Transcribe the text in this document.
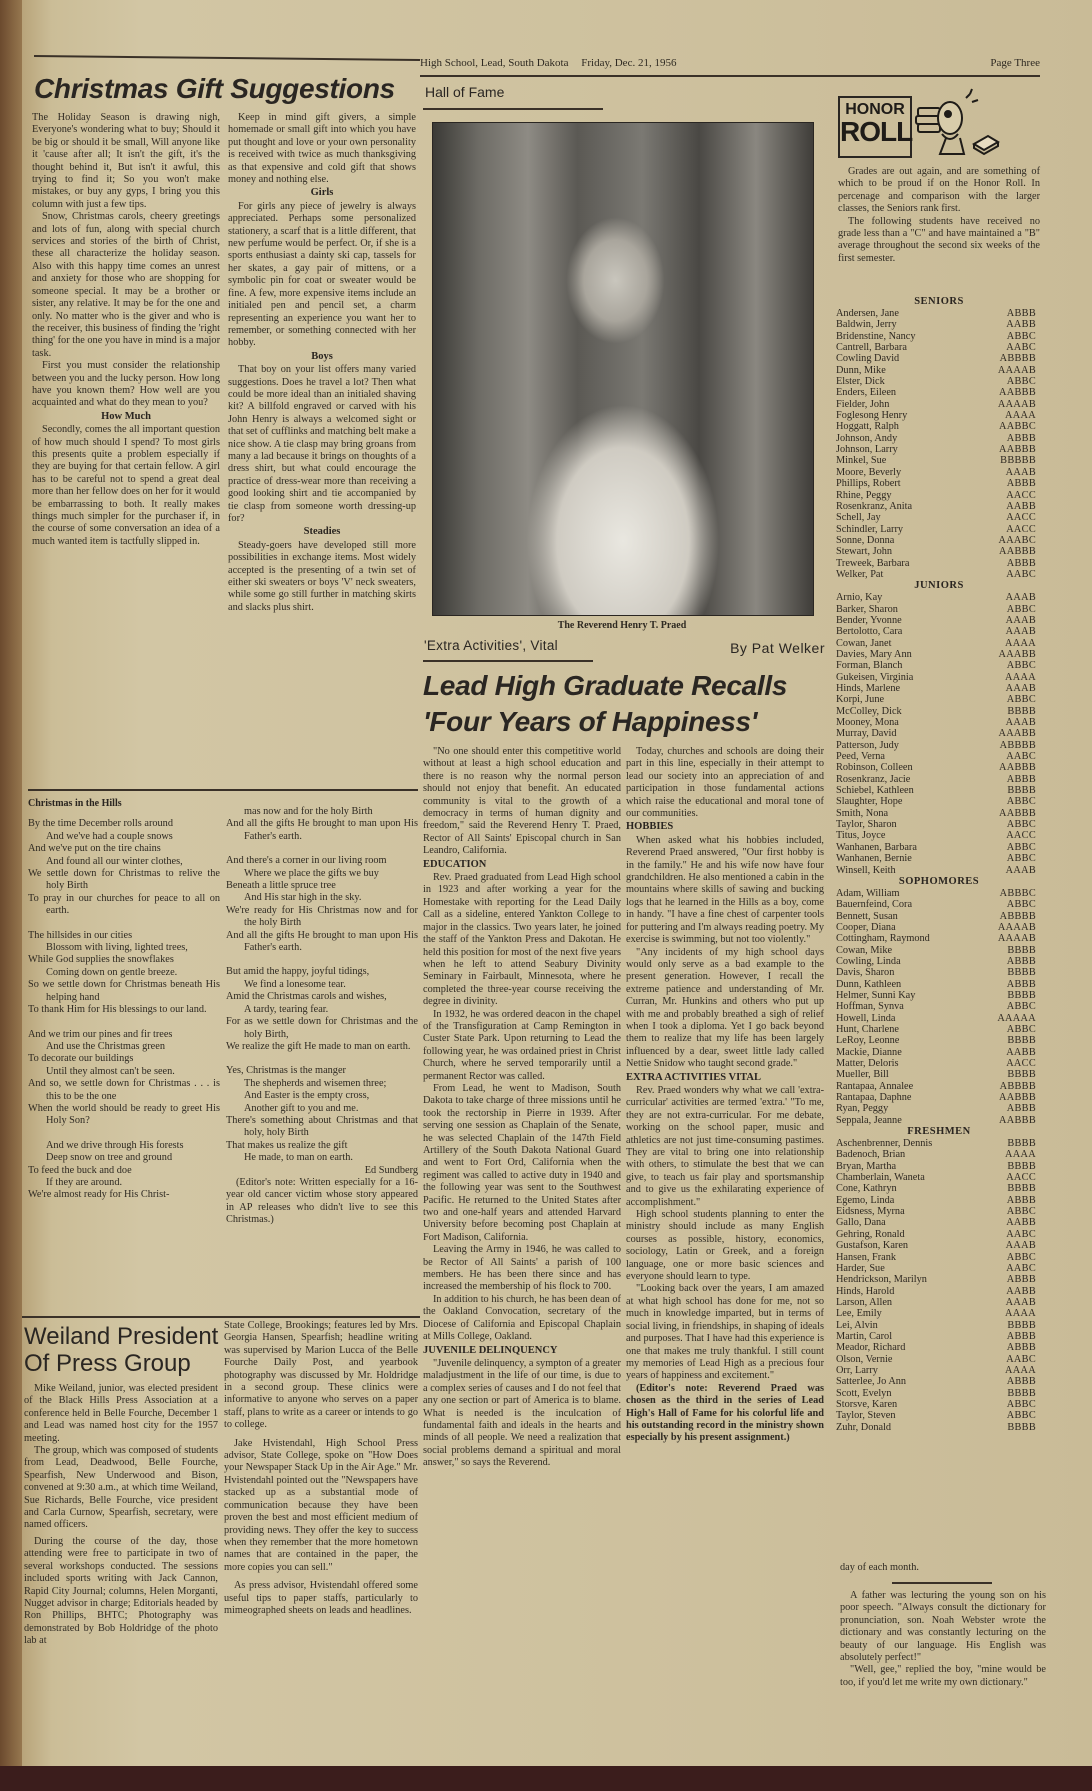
High School, Lead, South Dakota Friday, Dec. 21, 1956	Page Three
Christmas Gift Suggestions

The Holiday Season is drawing nigh, Everyone's wondering what to buy; Should it be big or should it be small, Will anyone like it 'cause after all; It isn't the gift, it's the thought behind it, But isn't it awful, this trying to find it; So you won't make mistakes, or buy any gyps, I bring you this column with just a few tips.

Snow, Christmas carols, cheery greetings and lots of fun, along with special church services and stories of the birth of Christ, these all characterize the holiday season. Also with this happy time comes an unrest and anxiety for those who are shopping for someone special. It may be a brother or sister, any relative. It may be for the one and only. No matter who is the giver and who is the receiver, this business of finding the 'right thing' for the one you have in mind is a major task.

First you must consider the relationship between you and the lucky person. How long have you known them? How well are you acquainted and what do they mean to you?

How Much

Secondly, comes the all important question of how much should I spend? To most girls this presents quite a problem especially if they are buying for that certain fellow. A girl has to be careful not to spend a great deal more than her fellow does on her for it would be embarrassing to both. It really makes things much simpler for the purchaser if, in the course of some conversation an idea of a much wanted item is tactfully slipped in.

Keep in mind gift givers, a simple homemade or small gift into which you have put thought and love or your own personality is received with twice as much thanksgiving as that expensive and cold gift that shows money and nothing else.

Girls

For girls any piece of jewelry is always appreciated. Perhaps some personalized stationery, a scarf that is a little different, that new perfume would be perfect. Or, if she is a sports enthusiast a dainty ski cap, tassels for her skates, a gay pair of mittens, or a symbolic pin for coat or sweater would be fine. A few, more expensive items include an initialed pen and pencil set, a charm representing an experience you want her to remember, or something connected with her hobby.

Boys

That boy on your list offers many varied suggestions. Does he travel a lot? Then what could be more ideal than an initialed shaving kit? A billfold engraved or carved with his John Henry is always a welcomed sight or that set of cufflinks and matching belt make a nice show. A tie clasp may bring groans from many a lad because it brings on thoughts of a dress shirt, but what could encourage the practice of dress-wear more than receiving a good looking shirt and tie accompanied by tie clasp from someone worth dressing-up for?

Steadies

Steady-goers have developed still more possibilities in exchange items. Most widely accepted is the presenting of a twin set of either ski sweaters or boys 'V' neck sweaters, while some go still further in matching skirts and slacks plus shirt.

Christmas in the Hills

By the time December rolls around

And we've had a couple snows

And we've put on the tire chains

And found all our winter clothes,

We settle down for Christmas to relive the holy Birth

To pray in our churches for peace to all on earth.

The hillsides in our cities

Blossom with living, lighted trees,

While God supplies the snowflakes

Coming down on gentle breeze.

So we settle down for Christmas beneath His helping hand

To thank Him for His blessings to our land.

And we trim our pines and fir trees

And use the Christmas green

To decorate our buildings

Until they almost can't be seen.

And so, we settle down for Christmas . . . is this to be the one

When the world should be ready to greet His Holy Son?

And we drive through His forests

Deep snow on tree and ground

To feed the buck and doe

If they are around.

We're almost ready for His Christ-

mas now and for the holy Birth

And all the gifts He brought to man upon His Father's earth.

And there's a corner in our living room

Where we place the gifts we buy

Beneath a little spruce tree

And His star high in the sky.

We're ready for His Christmas now and for the holy Birth

And all the gifts He brought to man upon His Father's earth.

But amid the happy, joyful tidings,

We find a lonesome tear.

Amid the Christmas carols and wishes,

A tardy, tearing fear.

For as we settle down for Christmas and the holy Birth,

We realize the gift He made to man on earth.

Yes, Christmas is the manger

The shepherds and wisemen three;

And Easter is the empty cross,

Another gift to you and me.

There's something about Christmas and that holy, holy Birth

That makes us realize the gift

He made, to man on earth.

Ed Sundberg

(Editor's note: Written especially for a 16-year old cancer victim whose story appeared in AP releases who didn't live to see this Christmas.)

Weiland President
Of Press Group

Mike Weiland, junior, was elected president of the Black Hills Press Association at a conference held in Belle Fourche, December 1 and Lead was named host city for the 1957 meeting.

The group, which was composed of students from Lead, Deadwood, Belle Fourche, Spearfish, New Underwood and Bison, convened at 9:30 a.m., at which time Weiland, Sue Richards, Belle Fourche, vice president and Carla Curnow, Spearfish, secretary, were named officers.

During the course of the day, those attending were free to participate in two of several workshops conducted. The sessions included sports writing with Jack Cannon, Rapid City Journal; columns, Helen Morganti, Nugget advisor in charge; Editorials headed by Ron Phillips, BHTC; Photography was demonstrated by Bob Holdridge of the photo lab at

State College, Brookings; features led by Mrs. Georgia Hansen, Spearfish; headline writing was supervised by Marion Lucca of the Belle Fourche Daily Post, and yearbook photography was discussed by Mr. Holdridge in a second group. These clinics were informative to anyone who serves on a paper staff, plans to write as a career or intends to go to college.

Jake Hvistendahl, High School Press advisor, State College, spoke on "How Does your Newspaper Stack Up in the Air Age." Mr. Hvistendahl pointed out the "Newspapers have stacked up as a substantial mode of communication because they have been proven the best and most efficient medium of providing news. They offer the key to success when they remember that the more hometown names that are contained in the paper, the more copies you can sell."

As press advisor, Hvistendahl offered some useful tips to paper staffs, particularly to mimeographed sheets on leads and headlines.

Hall of Fame
The Reverend Henry T. Praed
'Extra Activities', Vital	By Pat Welker
Lead High Graduate Recalls
'Four Years of Happiness'

"No one should enter this competitive world without at least a high school education and there is no reason why the normal person should not enjoy that benefit. An educated community is vital to the growth of a democracy in terms of human dignity and freedom," said the Reverend Henry T. Praed, Rector of All Saints' Episcopal church in San Leandro, California.

EDUCATION

Rev. Praed graduated from Lead High school in 1923 and after working a year for the Homestake with reporting for the Lead Daily Call as a sideline, entered Yankton College to major in the classics. Two years later, he joined the staff of the Yankton Press and Dakotan. He held this position for most of the next five years when he left to attend Seabury Divinity Seminary in Fairbault, Minnesota, where he completed the three-year course receiving the degree in divinity.

In 1932, he was ordered deacon in the chapel of the Transfiguration at Camp Remington in Custer State Park. Upon returning to Lead the following year, he was ordained priest in Christ Church, where he served temporarily until a permanent Rector was called.

From Lead, he went to Madison, South Dakota to take charge of three missions until he took the rectorship in Pierre in 1939. After serving one session as Chaplain of the Senate, he was selected Chaplain of the 147th Field Artillery of the South Dakota National Guard and went to Fort Ord, California when the regiment was called to active duty in 1940 and the following year was sent to the Southwest Pacific. He returned to the United States after two and one-half years and attended Harvard University before becoming post Chaplain at Fort Madison, California.

Leaving the Army in 1946, he was called to be Rector of All Saints' a parish of 100 members. He has been there since and has increased the membership of his flock to 700.

In addition to his church, he has been dean of the Oakland Convocation, secretary of the Diocese of California and Episcopal Chaplain at Mills College, Oakland.

JUVENILE DELINQUENCY

"Juvenile delinquency, a sympton of a greater maladjustment in the life of our time, is due to a complex series of causes and I do not feel that any one section or part of America is to blame. What is needed is the inculcation of fundamental faith and ideals in the hearts and minds of all people. We need a realization that social problems demand a spiritual and moral answer," so says the Reverend.

Today, churches and schools are doing their part in this line, especially in their attempt to lead our society into an appreciation of and participation in those fundamental actions which raise the educational and moral tone of our communities.

HOBBIES

When asked what his hobbies included, Reverend Praed answered, "Our first hobby is in the family." He and his wife now have four grandchildren. He also mentioned a cabin in the mountains where skills of sawing and bucking logs that he learned in the Hills as a boy, come in handy. "I have a fine chest of carpenter tools for puttering and I'm always reading poetry. My exercise is swimming, but not too violently."

"Any incidents of my high school days would only serve as a bad example to the present generation. However, I recall the extreme patience and understanding of Mr. Curran, Mr. Hunkins and others who put up with me and probably breathed a sigh of relief when I took a diploma. Yet I go back beyond them to realize that my life has been largely influenced by a dear, sweet little lady called Nettie Snidow who taught second grade."

EXTRA ACTIVITIES VITAL

Rev. Praed wonders why what we call 'extra-curricular' activities are termed 'extra.' "To me, they are not extra-curricular. For me debate, working on the school paper, music and athletics are not just time-consuming pastimes. They are vital to bring one into relationship with others, to stimulate the best that we can give, to teach us fair play and sportsmanship and to give us the exhilarating experience of accomplishment."

High school students planning to enter the ministry should include as many English courses as possible, history, economics, sociology, Latin or Greek, and a foreign language, one or more basic sciences and everyone should learn to type.

"Looking back over the years, I am amazed at what high school has done for me, not so much in knowledge imparted, but in terms of social living, in friendships, in shaping of ideals and purposes. That I have had this experience is one that makes me truly thankful. I still count my memories of Lead High as a precious four years of happiness and excitement."

(Editor's note: Reverend Praed was chosen as the third in the series of Lead High's Hall of Fame for his colorful life and his outstanding record in the ministry shown especially by his present assignment.)

HONOR
ROLL

Grades are out again, and are something of which to be proud if on the Honor Roll. In percenage and comparison with the larger classes, the Seniors rank first.

The following students have received no grade less than a "C" and have maintained a "B" average throughout the second six weeks of the first semester.

SENIORS
Andersen, Jane	ABBB
Baldwin, Jerry	AABB
Bridenstine, Nancy	ABBC
Cantrell, Barbara	AABC
Cowling David	ABBBB
Dunn, Mike	AAAAB
Elster, Dick	ABBC
Enders, Eileen	AABBB
Fielder, John	AAAAB
Foglesong Henry	AAAA
Hoggatt, Ralph	AABBC
Johnson, Andy	ABBB
Johnson, Larry	AABBB
Minkel, Sue	BBBBB
Moore, Beverly	AAAB
Phillips, Robert	ABBB
Rhine, Peggy	AACC
Rosenkranz, Anita	AABB
Schell, Jay	AACC
Schindler, Larry	AACC
Sonne, Donna	AAABC
Stewart, John	AABBB
Treweek, Barbara	ABBB
Welker, Pat	AABC
JUNIORS
Arnio, Kay	AAAB
Barker, Sharon	ABBC
Bender, Yvonne	AAAB
Bertolotto, Cara	AAAB
Cowan, Janet	AAAA
Davies, Mary Ann	AAABB
Forman, Blanch	ABBC
Gukeisen, Virginia	AAAA
Hinds, Marlene	AAAB
Korpi, June	ABBC
McColley, Dick	BBBB
Mooney, Mona	AAAB
Murray, David	AAABB
Patterson, Judy	ABBBB
Peed, Verna	AABC
Robinson, Colleen	AABBB
Rosenkranz, Jacie	ABBB
Schiebel, Kathleen	BBBB
Slaughter, Hope	ABBC
Smith, Nona	AABBB
Taylor, Sharon	ABBC
Titus, Joyce	AACC
Wanhanen, Barbara	ABBC
Wanhanen, Bernie	ABBC
Winsell, Keith	AAAB
SOPHOMORES
Adam, William	ABBBC
Bauernfeind, Cora	ABBC
Bennett, Susan	ABBBB
Cooper, Diana	AAAAB
Cottingham, Raymond	AAAAB
Cowan, Mike	BBBB
Cowling, Linda	ABBB
Davis, Sharon	BBBB
Dunn, Kathleen	ABBB
Helmer, Sunni Kay	BBBB
Hoffman, Synva	ABBC
Howell, Linda	AAAAA
Hunt, Charlene	ABBC
LeRoy, Leonne	BBBB
Mackie, Dianne	AABB
Matter, Deloris	AACC
Mueller, Bill	BBBB
Rantapaa, Annalee	ABBBB
Rantapaa, Daphne	AABBB
Ryan, Peggy	ABBB
Seppala, Jeanne	AABBB
FRESHMEN
Aschenbrenner, Dennis	BBBB
Badenoch, Brian	AAAA
Bryan, Martha	BBBB
Chamberlain, Waneta	AACC
Cone, Kathryn	BBBB
Egemo, Linda	ABBB
Eidsness, Myrna	ABBC
Gallo, Dana	AABB
Gehring, Ronald	AABC
Gustafson, Karen	AAAB
Hansen, Frank	ABBC
Harder, Sue	AABC
Hendrickson, Marilyn	ABBB
Hinds, Harold	AABB
Larson, Allen	AAAB
Lee, Emily	AAAA
Lei, Alvin	BBBB
Martin, Carol	ABBB
Meador, Richard	ABBB
Olson, Vernie	AABC
Orr, Larry	AAAA
Satterlee, Jo Ann	ABBB
Scott, Evelyn	BBBB
Storsve, Karen	ABBC
Taylor, Steven	ABBC
Zuhr, Donald	BBBB
day of each month.

A father was lecturing the young son on his poor speech. "Always consult the dictionary for pronunciation, son. Noah Webster wrote the dictionary and was constantly lecturing on the beauty of our language. His English was absolutely perfect!"

"Well, gee," replied the boy, "mine would be too, if you'd let me write my own dictionary."
